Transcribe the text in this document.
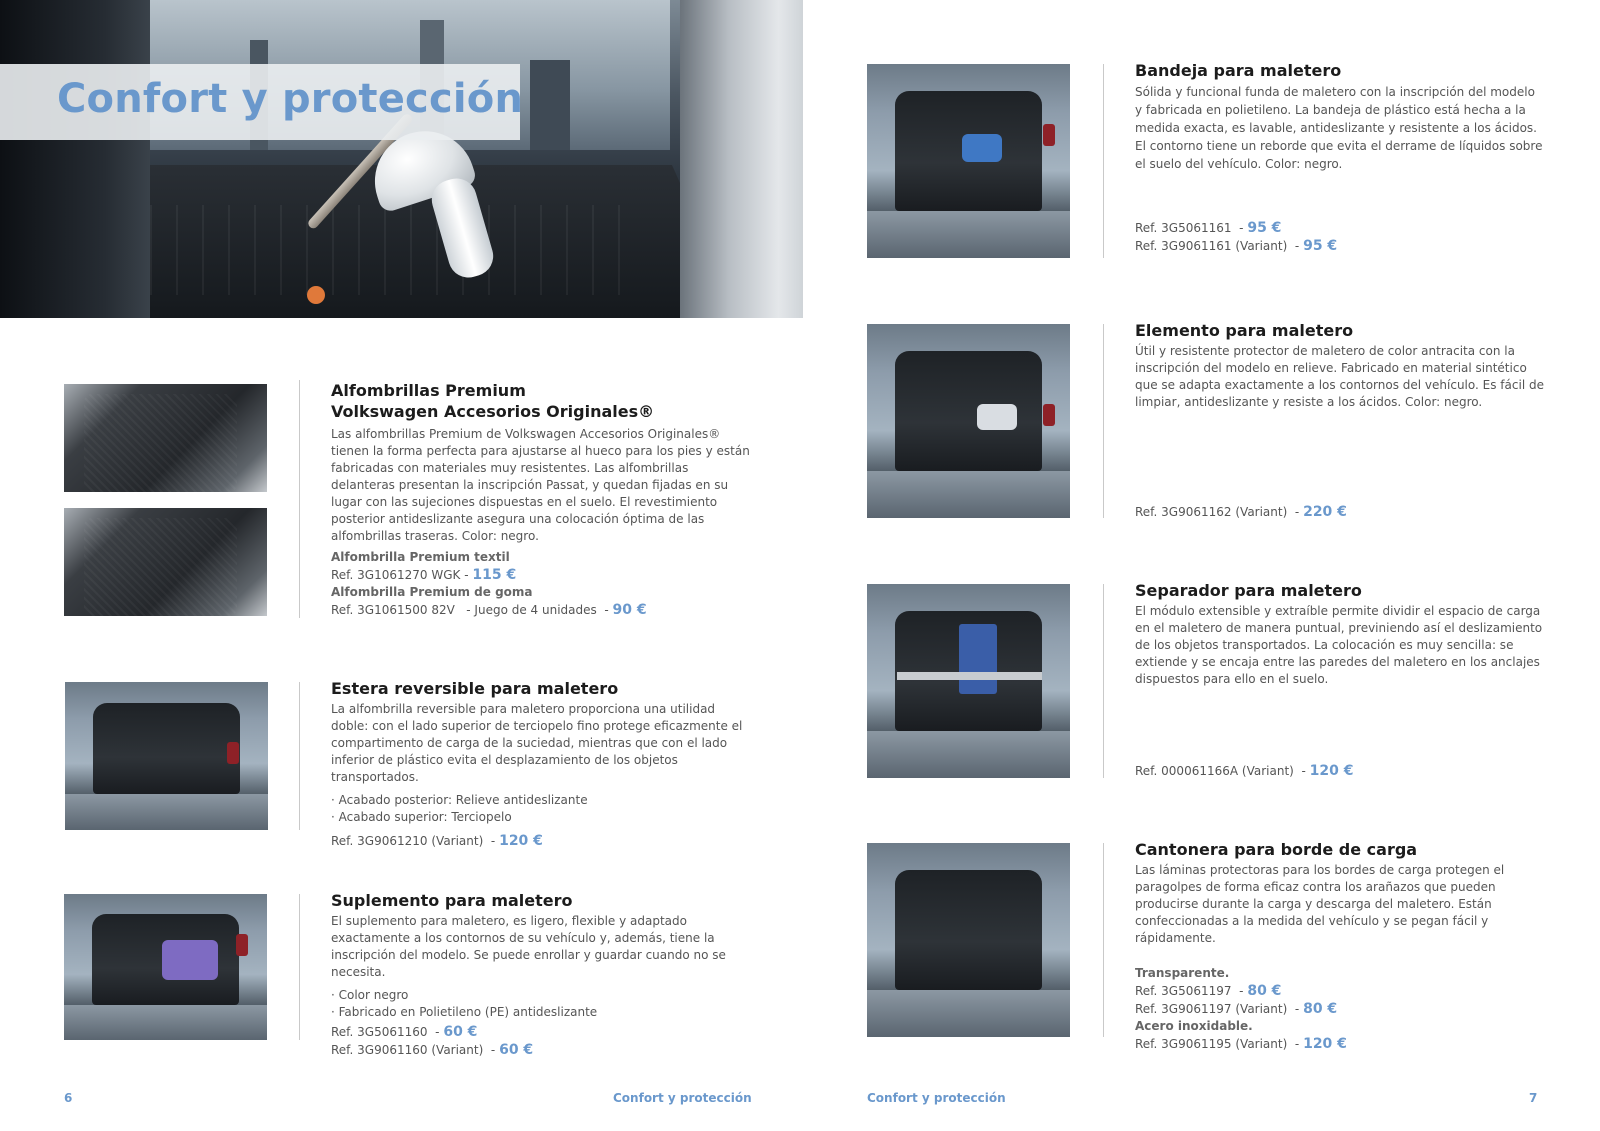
Confort y protección
Alfombrillas Premium
Volkswagen Accesorios Originales®

Las alfombrillas Premium de Volkswagen Accesorios Originales® tienen la forma perfecta para ajustarse al hueco para los pies y están fabricadas con materiales muy resistentes. Las alfombrillas delanteras presentan la inscripción Passat, y quedan fijadas en su lugar con las sujeciones dispuestas en el suelo. El revestimiento posterior antideslizante asegura una colocación óptima de las alfombrillas traseras. Color: negro.

Alfombrilla Premium textil
Ref. 3G1061270 WGK - 115 €
Alfombrilla Premium de goma
Ref. 3G1061500 82V   - Juego de 4 unidades  - 90 €
Estera reversible para maletero

La alfombrilla reversible para maletero proporciona una utilidad doble: con el lado superior de terciopelo fino protege eficazmente el compartimento de carga de la suciedad, mientras que con el lado inferior de plástico evita el desplazamiento de los objetos transportados.

· Acabado posterior: Relieve antideslizante
· Acabado superior: Terciopelo
Ref. 3G9061210 (Variant)  - 120 €
Suplemento para maletero

El suplemento para maletero, es ligero, flexible y adaptado exactamente a los contornos de su vehículo y, además, tiene la inscripción del modelo. Se puede enrollar y guardar cuando no se necesita.

· Color negro
· Fabricado en Polietileno (PE) antideslizante
Ref. 3G5061160  - 60 €
Ref. 3G9061160 (Variant)  - 60 €
6	Confort y protección
Bandeja para maletero

Sólida y funcional funda de maletero con la inscripción del modelo y fabricada en polietileno. La bandeja de plástico está hecha a la medida exacta, es lavable, antideslizante y resistente a los ácidos. El contorno tiene un reborde que evita el derrame de líquidos sobre el suelo del vehículo. Color: negro.

Ref. 3G5061161  - 95 €
Ref. 3G9061161 (Variant)  - 95 €
Elemento para maletero

Útil y resistente protector de maletero de color antracita con la inscripción del modelo en relieve. Fabricado en material sintético que se adapta exactamente a los contornos del vehículo. Es fácil de limpiar, antideslizante y resiste a los ácidos. Color: negro.

Ref. 3G9061162 (Variant)  - 220 €
Separador para maletero

El módulo extensible y extraíble permite dividir el espacio de carga en el maletero de manera puntual, previniendo así el deslizamiento de los objetos transportados. La colocación es muy sencilla: se extiende y se encaja entre las paredes del maletero en los anclajes dispuestos para ello en el suelo.

Ref. 000061166A (Variant)  - 120 €
Cantonera para borde de carga

Las láminas protectoras para los bordes de carga protegen el paragolpes de forma eficaz contra los arañazos que pueden producirse durante la carga y descarga del maletero. Están confeccionadas a la medida del vehículo y se pegan fácil y rápidamente.

Transparente.
Ref. 3G5061197  - 80 €
Ref. 3G9061197 (Variant)  - 80 €
Acero inoxidable.
Ref. 3G9061195 (Variant)  - 120 €
Confort y protección	7
